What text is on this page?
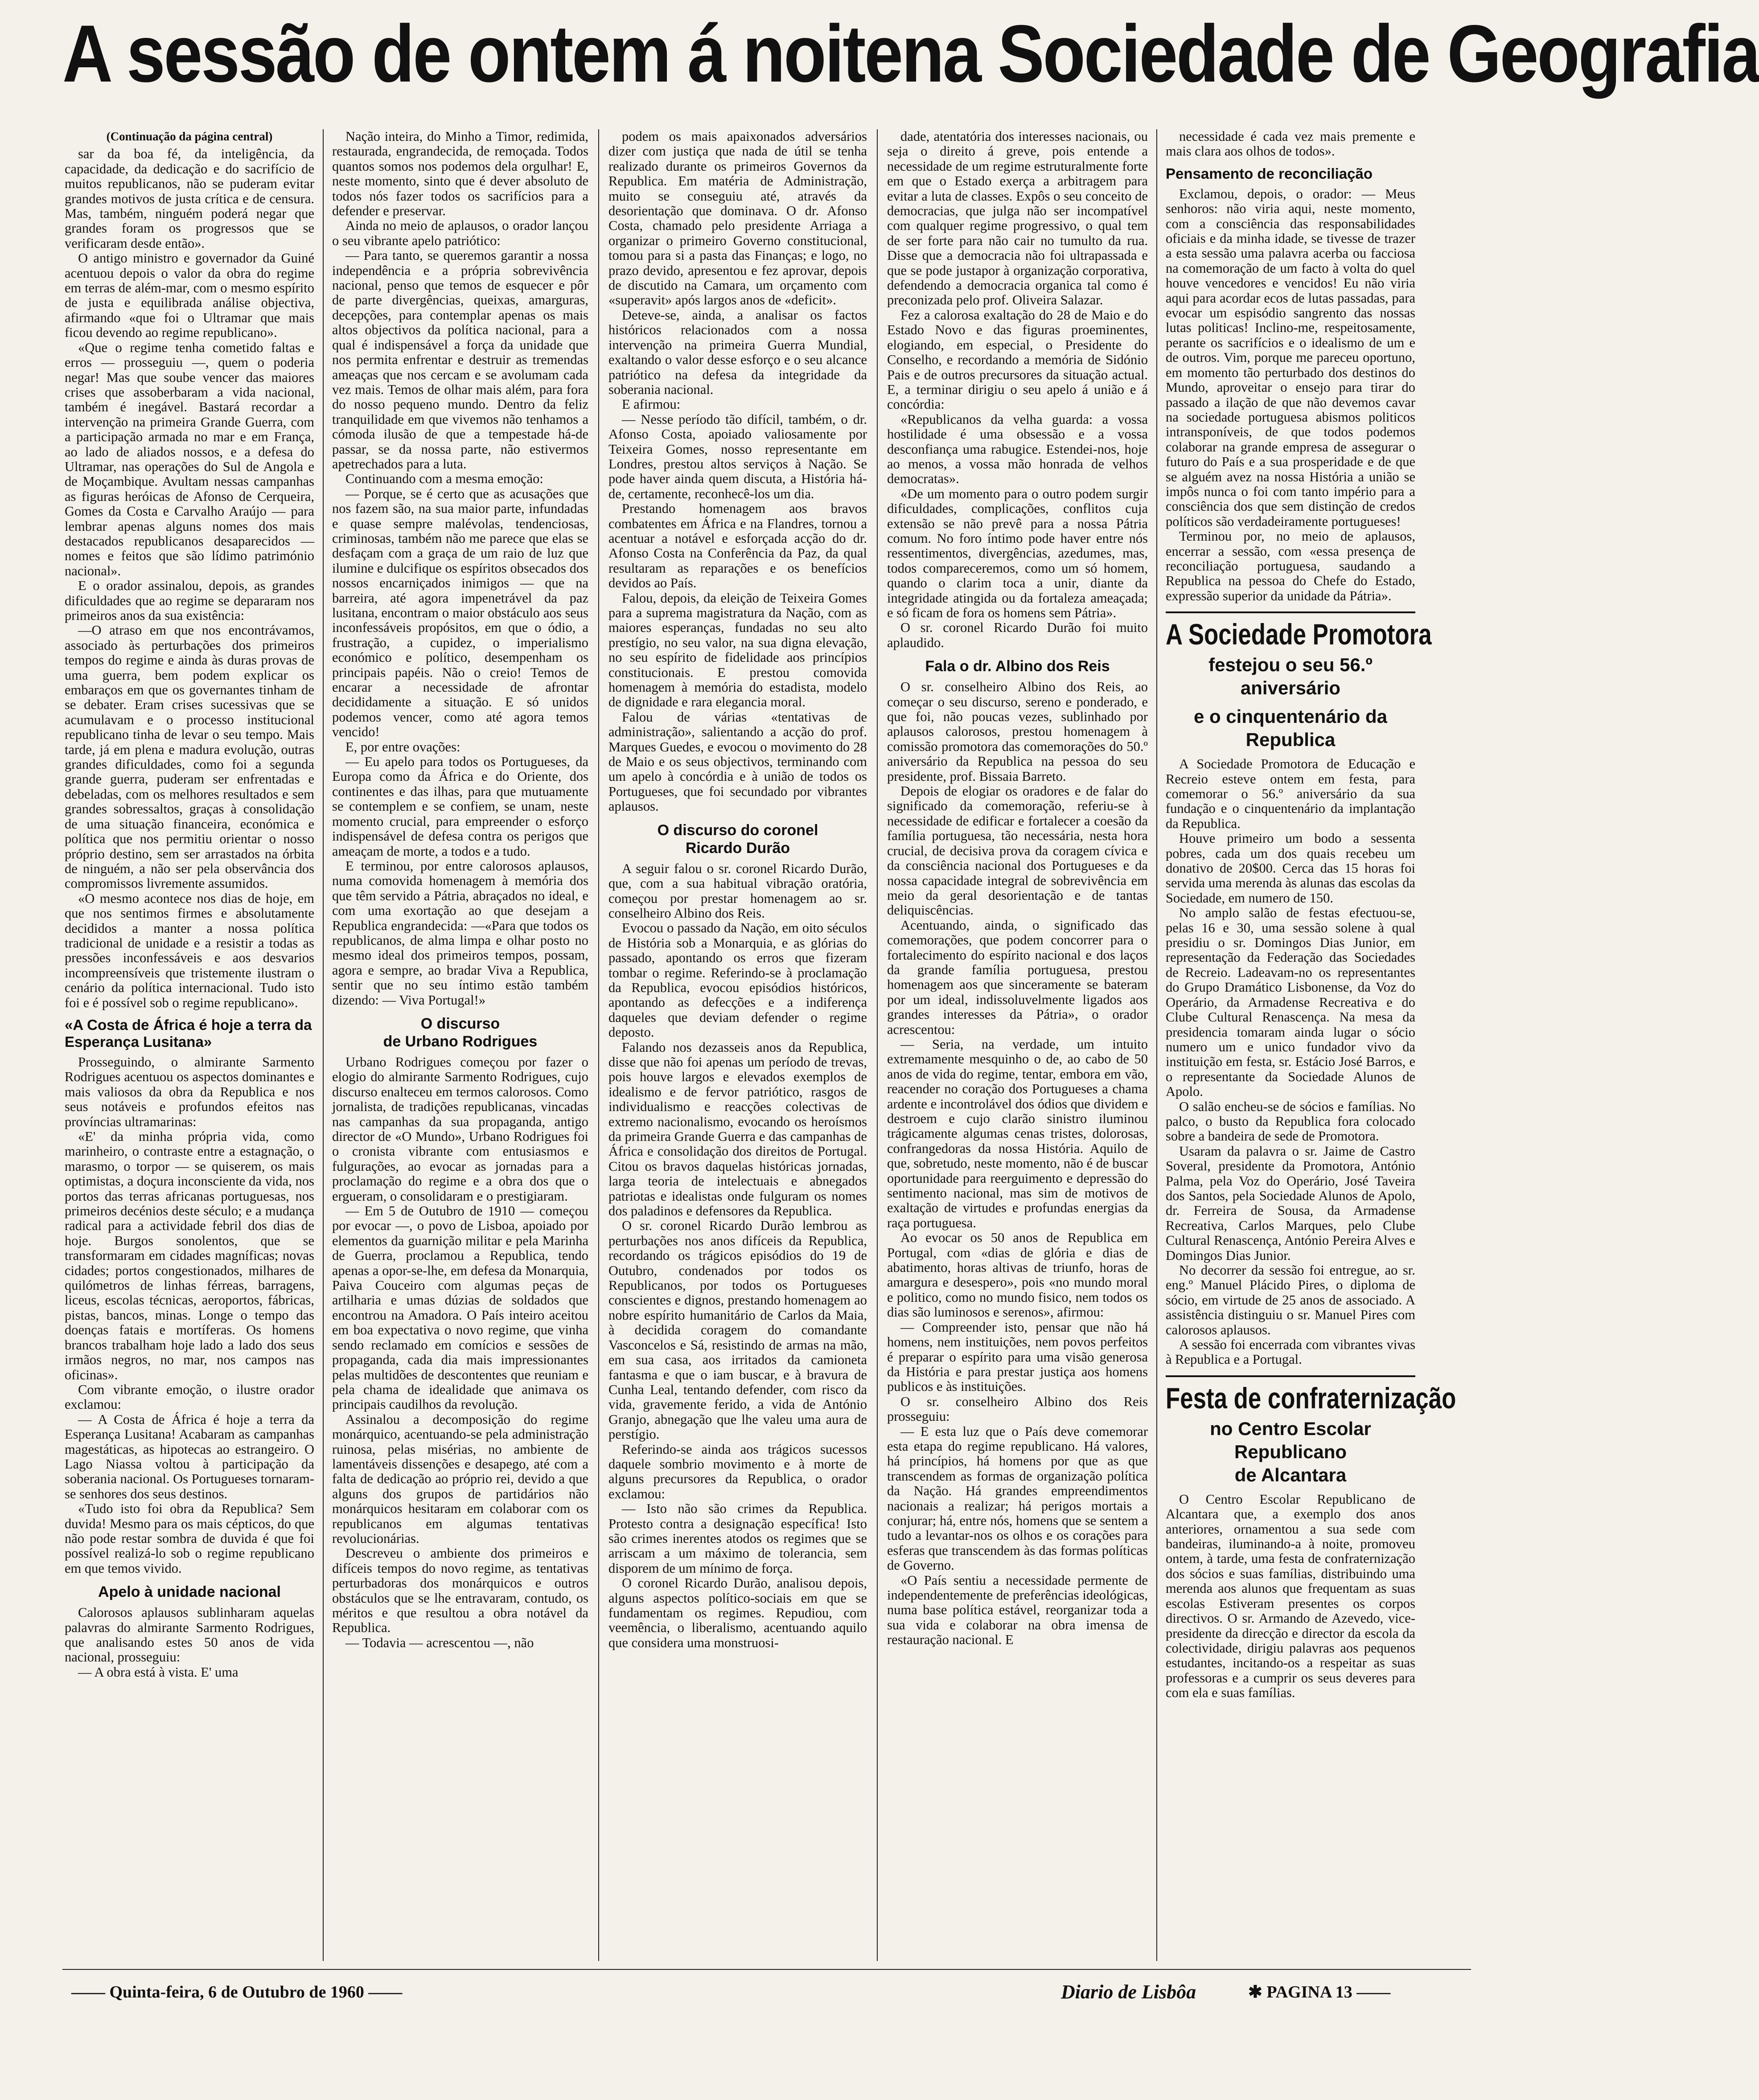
A sessão de ontem á noitena Sociedade de Geografia
(Continuação da página central)

sar da boa fé, da inteligência, da capacidade, da dedicação e do sacrifício de muitos republicanos, não se puderam evitar grandes motivos de justa crítica e de censura. Mas, também, ninguém poderá negar que grandes foram os progressos que se verificaram desde então».

O antigo ministro e governador da Guiné acentuou depois o valor da obra do regime em terras de além-mar, com o mesmo espírito de justa e equilibrada análise objectiva, afirmando «que foi o Ultramar que mais ficou devendo ao regime republicano».

«Que o regime tenha cometido faltas e erros — prosseguiu —, quem o poderia negar! Mas que soube vencer das maiores crises que assoberbaram a vida nacional, também é inegável. Bastará recordar a intervenção na primeira Grande Guerra, com a participação armada no mar e em França, ao lado de aliados nossos, e a defesa do Ultramar, nas operações do Sul de Angola e de Moçambique. Avultam nessas campanhas as figuras heróicas de Afonso de Cerqueira, Gomes da Costa e Carvalho Araújo — para lembrar apenas alguns nomes dos mais destacados republicanos desaparecidos — nomes e feitos que são lídimo património nacional».

E o orador assinalou, depois, as grandes dificuldades que ao regime se depararam nos primeiros anos da sua existência:

—O atraso em que nos encontrávamos, associado às perturbações dos primeiros tempos do regime e ainda às duras provas de uma guerra, bem podem explicar os embaraços em que os governantes tinham de se debater. Eram crises sucessivas que se acumulavam e o processo institucional republicano tinha de levar o seu tempo. Mais tarde, já em plena e madura evolução, outras grandes dificuldades, como foi a segunda grande guerra, puderam ser enfrentadas e debeladas, com os melhores resultados e sem grandes sobressaltos, graças à consolidação de uma situação financeira, económica e política que nos permitiu orientar o nosso próprio destino, sem ser arrastados na órbita de ninguém, a não ser pela observância dos compromissos livremente assumidos.

«O mesmo acontece nos dias de hoje, em que nos sentimos firmes e absolutamente decididos a manter a nossa política tradicional de unidade e a resistir a todas as pressões inconfessáveis e aos desvarios incompreensíveis que tristemente ilustram o cenário da política internacional. Tudo isto foi e é possível sob o regime republicano».

«A Costa de África é hoje a terra da Esperança Lusitana»

Prosseguindo, o almirante Sarmento Rodrigues acentuou os aspectos dominantes e mais valiosos da obra da Republica e nos seus notáveis e profundos efeitos nas províncias ultramarinas:

«E' da minha própria vida, como marinheiro, o contraste entre a estagnação, o marasmo, o torpor — se quiserem, os mais optimistas, a doçura inconsciente da vida, nos portos das terras africanas portuguesas, nos primeiros decénios deste século; e a mudança radical para a actividade febril dos dias de hoje. Burgos sonolentos, que se transformaram em cidades magníficas; novas cidades; portos congestionados, milhares de quilómetros de linhas férreas, barragens, liceus, escolas técnicas, aeroportos, fábricas, pistas, bancos, minas. Longe o tempo das doenças fatais e mortíferas. Os homens brancos trabalham hoje lado a lado dos seus irmãos negros, no mar, nos campos nas oficinas».

Com vibrante emoção, o ilustre orador exclamou:

— A Costa de África é hoje a terra da Esperança Lusitana! Acabaram as campanhas magestáticas, as hipotecas ao estrangeiro. O Lago Niassa voltou à participação da soberania nacional. Os Portugueses tornaram-se senhores dos seus destinos.

«Tudo isto foi obra da Republica? Sem duvida! Mesmo para os mais cépticos, do que não pode restar sombra de duvida é que foi possível realizá-lo sob o regime republicano em que temos vivido.

Apelo à unidade nacional

Calorosos aplausos sublinharam aquelas palavras do almirante Sarmento Rodrigues, que analisando estes 50 anos de vida nacional, prosseguiu:

— A obra está à vista. E' uma

Nação inteira, do Minho a Timor, redimida, restaurada, engrandecida, de remoçada. Todos quantos somos nos podemos dela orgulhar! E, neste momento, sinto que é dever absoluto de todos nós fazer todos os sacrifícios para a defender e preservar.

Ainda no meio de aplausos, o orador lançou o seu vibrante apelo patriótico:

— Para tanto, se queremos garantir a nossa independência e a própria sobrevivência nacional, penso que temos de esquecer e pôr de parte divergências, queixas, amarguras, decepções, para contemplar apenas os mais altos objectivos da política nacional, para a qual é indispensável a força da unidade que nos permita enfrentar e destruir as tremendas ameaças que nos cercam e se avolumam cada vez mais. Temos de olhar mais além, para fora do nosso pequeno mundo. Dentro da feliz tranquilidade em que vivemos não tenhamos a cómoda ilusão de que a tempestade há-de passar, se da nossa parte, não estivermos apetrechados para a luta.

Continuando com a mesma emoção:

— Porque, se é certo que as acusações que nos fazem são, na sua maior parte, infundadas e quase sempre malévolas, tendenciosas, criminosas, também não me parece que elas se desfaçam com a graça de um raio de luz que ilumine e dulcifique os espíritos obsecados dos nossos encarniçados inimigos — que na barreira, até agora impenetrável da paz lusitana, encontram o maior obstáculo aos seus inconfessáveis propósitos, em que o ódio, a frustração, a cupidez, o imperialismo económico e político, desempenham os principais papéis. Não o creio! Temos de encarar a necessidade de afrontar decididamente a situação. E só unidos podemos vencer, como até agora temos vencido!

E, por entre ovações:

— Eu apelo para todos os Portugueses, da Europa como da África e do Oriente, dos continentes e das ilhas, para que mutuamente se contemplem e se confiem, se unam, neste momento crucial, para empreender o esforço indispensável de defesa contra os perigos que ameaçam de morte, a todos e a tudo.

E terminou, por entre calorosos aplausos, numa comovida homenagem à memória dos que têm servido a Pátria, abraçados no ideal, e com uma exortação ao que desejam a Republica engrandecida: —«Para que todos os republicanos, de alma limpa e olhar posto no mesmo ideal dos primeiros tempos, possam, agora e sempre, ao bradar Viva a Republica, sentir que no seu íntimo estão também dizendo: — Viva Portugal!»

O discurso
de Urbano Rodrigues

Urbano Rodrigues começou por fazer o elogio do almirante Sarmento Rodrigues, cujo discurso enalteceu em termos calorosos. Como jornalista, de tradições republicanas, vincadas nas campanhas da sua propaganda, antigo director de «O Mundo», Urbano Rodrigues foi o cronista vibrante com entusiasmos e fulgurações, ao evocar as jornadas para a proclamação do regime e a obra dos que o ergueram, o consolidaram e o prestigiaram.

— Em 5 de Outubro de 1910 — começou por evocar —, o povo de Lisboa, apoiado por elementos da guarnição militar e pela Marinha de Guerra, proclamou a Republica, tendo apenas a opor-se-lhe, em defesa da Monarquia, Paiva Couceiro com algumas peças de artilharia e umas dúzias de soldados que encontrou na Amadora. O País inteiro aceitou em boa expectativa o novo regime, que vinha sendo reclamado em comícios e sessões de propaganda, cada dia mais impressionantes pelas multidões de descontentes que reuniam e pela chama de idealidade que animava os principais caudilhos da revolução.

Assinalou a decomposição do regime monárquico, acentuando-se pela administração ruinosa, pelas misérias, no ambiente de lamentáveis dissenções e desapego, até com a falta de dedicação ao próprio rei, devido a que alguns dos grupos de partidários não monárquicos hesitaram em colaborar com os republicanos em algumas tentativas revolucionárias.

Descreveu o ambiente dos primeiros e difíceis tempos do novo regime, as tentativas perturbadoras dos monárquicos e outros obstáculos que se lhe entravaram, contudo, os méritos e que resultou a obra notável da Republica.

— Todavia — acrescentou —, não

podem os mais apaixonados adversários dizer com justiça que nada de útil se tenha realizado durante os primeiros Governos da Republica. Em matéria de Administração, muito se conseguiu até, através da desorientação que dominava. O dr. Afonso Costa, chamado pelo presidente Arriaga a organizar o primeiro Governo constitucional, tomou para si a pasta das Finanças; e logo, no prazo devido, apresentou e fez aprovar, depois de discutido na Camara, um orçamento com «superavit» após largos anos de «deficit».

Deteve-se, ainda, a analisar os factos históricos relacionados com a nossa intervenção na primeira Guerra Mundial, exaltando o valor desse esforço e o seu alcance patriótico na defesa da integridade da soberania nacional.

E afirmou:

— Nesse período tão difícil, também, o dr. Afonso Costa, apoiado valiosamente por Teixeira Gomes, nosso representante em Londres, prestou altos serviços à Nação. Se pode haver ainda quem discuta, a História há-de, certamente, reconhecê-los um dia.

Prestando homenagem aos bravos combatentes em África e na Flandres, tornou a acentuar a notável e esforçada acção do dr. Afonso Costa na Conferência da Paz, da qual resultaram as reparações e os benefícios devidos ao País.

Falou, depois, da eleição de Teixeira Gomes para a suprema magistratura da Nação, com as maiores esperanças, fundadas no seu alto prestígio, no seu valor, na sua digna elevação, no seu espírito de fidelidade aos princípios constitucionais. E prestou comovida homenagem à memória do estadista, modelo de dignidade e rara elegancia moral.

Falou de várias «tentativas de administração», salientando a acção do prof. Marques Guedes, e evocou o movimento do 28 de Maio e os seus objectivos, terminando com um apelo à concórdia e à união de todos os Portugueses, que foi secundado por vibrantes aplausos.

O discurso do coronel
Ricardo Durão

A seguir falou o sr. coronel Ricardo Durão, que, com a sua habitual vibração oratória, começou por prestar homenagem ao sr. conselheiro Albino dos Reis.

Evocou o passado da Nação, em oito séculos de História sob a Monarquia, e as glórias do passado, apontando os erros que fizeram tombar o regime. Referindo-se à proclamação da Republica, evocou episódios históricos, apontando as defecções e a indiferença daqueles que deviam defender o regime deposto.

Falando nos dezasseis anos da Republica, disse que não foi apenas um período de trevas, pois houve largos e elevados exemplos de idealismo e de fervor patriótico, rasgos de individualismo e reacções colectivas de extremo nacionalismo, evocando os heroísmos da primeira Grande Guerra e das campanhas de África e consolidação dos direitos de Portugal. Citou os bravos daquelas históricas jornadas, larga teoria de intelectuais e abnegados patriotas e idealistas onde fulguram os nomes dos paladinos e defensores da Republica.

O sr. coronel Ricardo Durão lembrou as perturbações nos anos difíceis da Republica, recordando os trágicos episódios do 19 de Outubro, condenados por todos os Republicanos, por todos os Portugueses conscientes e dignos, prestando homenagem ao nobre espírito humanitário de Carlos da Maia, à decidida coragem do comandante Vasconcelos e Sá, resistindo de armas na mão, em sua casa, aos irritados da camioneta fantasma e que o iam buscar, e à bravura de Cunha Leal, tentando defender, com risco da vida, gravemente ferido, a vida de António Granjo, abnegação que lhe valeu uma aura de perstígio.

Referindo-se ainda aos trágicos sucessos daquele sombrio movimento e à morte de alguns precursores da Republica, o orador exclamou:

— Isto não são crimes da Republica. Protesto contra a designação específica! Isto são crimes inerentes atodos os regimes que se arriscam a um máximo de tolerancia, sem disporem de um mínimo de força.

O coronel Ricardo Durão, analisou depois, alguns aspectos político-sociais em que se fundamentam os regimes. Repudiou, com veemência, o liberalismo, acentuando aquilo que considera uma monstruosi-

dade, atentatória dos interesses nacionais, ou seja o direito á greve, pois entende a necessidade de um regime estruturalmente forte em que o Estado exerça a arbitragem para evitar a luta de classes. Expôs o seu conceito de democracias, que julga não ser incompatível com qualquer regime progressivo, o qual tem de ser forte para não cair no tumulto da rua. Disse que a democracia não foi ultrapassada e que se pode justapor à organização corporativa, defendendo a democracia organica tal como é preconizada pelo prof. Oliveira Salazar.

Fez a calorosa exaltação do 28 de Maio e do Estado Novo e das figuras proeminentes, elogiando, em especial, o Presidente do Conselho, e recordando a memória de Sidónio Pais e de outros precursores da situação actual. E, a terminar dirigiu o seu apelo á união e á concórdia:

«Republicanos da velha guarda: a vossa hostilidade é uma obsessão e a vossa desconfiança uma rabugice. Estendei-nos, hoje ao menos, a vossa mão honrada de velhos democratas».

«De um momento para o outro podem surgir dificuldades, complicações, conflitos cuja extensão se não prevê para a nossa Pátria comum. No foro íntimo pode haver entre nós ressentimentos, divergências, azedumes, mas, todos compareceremos, como um só homem, quando o clarim toca a unir, diante da integridade atingida ou da fortaleza ameaçada; e só ficam de fora os homens sem Pátria».

O sr. coronel Ricardo Durão foi muito aplaudido.

Fala o dr. Albino dos Reis

O sr. conselheiro Albino dos Reis, ao começar o seu discurso, sereno e ponderado, e que foi, não poucas vezes, sublinhado por aplausos calorosos, prestou homenagem à comissão promotora das comemorações do 50.º aniversário da Republica na pessoa do seu presidente, prof. Bissaia Barreto.

Depois de elogiar os oradores e de falar do significado da comemoração, referiu-se à necessidade de edificar e fortalecer a coesão da família portuguesa, tão necessária, nesta hora crucial, de decisiva prova da coragem cívica e da consciência nacional dos Portugueses e da nossa capacidade integral de sobrevivência em meio da geral desorientação e de tantas deliquiscências.

Acentuando, ainda, o significado das comemorações, que podem concorrer para o fortalecimento do espírito nacional e dos laços da grande família portuguesa, prestou homenagem aos que sinceramente se bateram por um ideal, indissoluvelmente ligados aos grandes interesses da Pátria», o orador acrescentou:

— Seria, na verdade, um intuito extremamente mesquinho o de, ao cabo de 50 anos de vida do regime, tentar, embora em vão, reacender no coração dos Portugueses a chama ardente e incontrolável dos ódios que dividem e destroem e cujo clarão sinistro iluminou trágicamente algumas cenas tristes, dolorosas, confrangedoras da nossa História. Aquilo de que, sobretudo, neste momento, não é de buscar oportunidade para reerguimento e depressão do sentimento nacional, mas sim de motivos de exaltação de virtudes e profundas energias da raça portuguesa.

Ao evocar os 50 anos de Republica em Portugal, com «dias de glória e dias de abatimento, horas altivas de triunfo, horas de amargura e desespero», pois «no mundo moral e politico, como no mundo fisico, nem todos os dias são luminosos e serenos», afirmou:

— Compreender isto, pensar que não há homens, nem instituições, nem povos perfeitos é preparar o espírito para uma visão generosa da História e para prestar justiça aos homens publicos e às instituições.

O sr. conselheiro Albino dos Reis prosseguiu:

— E esta luz que o País deve comemorar esta etapa do regime republicano. Há valores, há princípios, há homens por que as que transcendem as formas de organização política da Nação. Há grandes empreendimentos nacionais a realizar; há perigos mortais a conjurar; há, entre nós, homens que se sentem a tudo a levantar-nos os olhos e os corações para esferas que transcendem às das formas políticas de Governo.

«O País sentiu a necessidade permente de independentemente de preferências ideológicas, numa base política estável, reorganizar toda a sua vida e colaborar na obra imensa de restauração nacional. E

necessidade é cada vez mais premente e mais clara aos olhos de todos».

Pensamento de reconciliação

Exclamou, depois, o orador: — Meus senhoros: não viria aqui, neste momento, com a consciência das responsabilidades oficiais e da minha idade, se tivesse de trazer a esta sessão uma palavra acerba ou facciosa na comemoração de um facto à volta do quel houve vencedores e vencidos! Eu não viria aqui para acordar ecos de lutas passadas, para evocar um espisódio sangrento das nossas lutas politicas! Inclino-me, respeitosamente, perante os sacrifícios e o idealismo de um e de outros. Vim, porque me pareceu oportuno, em momento tão perturbado dos destinos do Mundo, aproveitar o ensejo para tirar do passado a ilação de que não devemos cavar na sociedade portuguesa abismos politicos intransponíveis, de que todos podemos colaborar na grande empresa de assegurar o futuro do País e a sua prosperidade e de que se alguém avez na nossa História a união se impôs nunca o foi com tanto império para a consciência dos que sem distinção de credos políticos são verdadeiramente portugueses!

Terminou por, no meio de aplausos, encerrar a sessão, com «essa presença de reconciliação portuguesa, saudando a Republica na pessoa do Chefe do Estado, expressão superior da unidade da Pátria».

A Sociedade Promotora
festejou o seu 56.º aniversário
e o cinquentenário da Republica

A Sociedade Promotora de Educação e Recreio esteve ontem em festa, para comemorar o 56.º aniversário da sua fundação e o cinquentenário da implantação da Republica.

Houve primeiro um bodo a sessenta pobres, cada um dos quais recebeu um donativo de 20$00. Cerca das 15 horas foi servida uma merenda às alunas das escolas da Sociedade, em numero de 150.

No amplo salão de festas efectuou-se, pelas 16 e 30, uma sessão solene à qual presidiu o sr. Domingos Dias Junior, em representação da Federação das Sociedades de Recreio. Ladeavam-no os representantes do Grupo Dramático Lisbonense, da Voz do Operário, da Armadense Recreativa e do Clube Cultural Renascença. Na mesa da presidencia tomaram ainda lugar o sócio numero um e unico fundador vivo da instituição em festa, sr. Estácio José Barros, e o representante da Sociedade Alunos de Apolo.

O salão encheu-se de sócios e famílias. No palco, o busto da Republica fora colocado sobre a bandeira de sede de Promotora.

Usaram da palavra o sr. Jaime de Castro Soveral, presidente da Promotora, António Palma, pela Voz do Operário, José Taveira dos Santos, pela Sociedade Alunos de Apolo, dr. Ferreira de Sousa, da Armadense Recreativa, Carlos Marques, pelo Clube Cultural Renascença, António Pereira Alves e Domingos Dias Junior.

No decorrer da sessão foi entregue, ao sr. eng.º Manuel Plácido Pires, o diploma de sócio, em virtude de 25 anos de associado. A assistência distinguiu o sr. Manuel Pires com calorosos aplausos.

A sessão foi encerrada com vibrantes vivas à Republica e a Portugal.

Festa de confraternização
no Centro Escolar Republicano
de Alcantara

O Centro Escolar Republicano de Alcantara que, a exemplo dos anos anteriores, ornamentou a sua sede com bandeiras, iluminando-a à noite, promoveu ontem, à tarde, uma festa de confraternização dos sócios e suas famílias, distribuindo uma merenda aos alunos que frequentam as suas escolas Estiveram presentes os corpos directivos. O sr. Armando de Azevedo, vice-presidente da direcção e director da escola da colectividade, dirigiu palavras aos pequenos estudantes, incitando-os a respeitar as suas professoras e a cumprir os seus deveres para com ela e suas famílias.

—— Quinta-feira, 6 de Outubro de 1960 ——	Diario de Lisbôa	✱ PAGINA 13 ——
